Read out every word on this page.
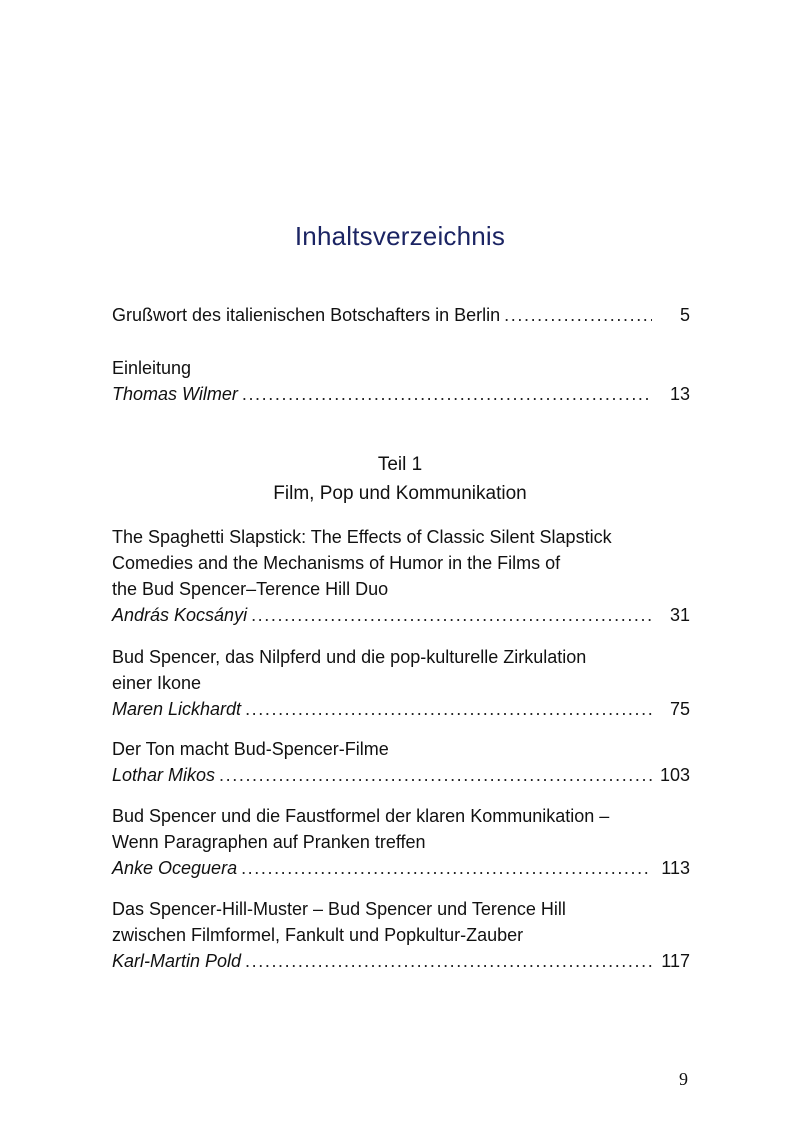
Inhaltsverzeichnis
Grußwort des italienischen Botschafters in Berlin .....	5
Einleitung
Thomas Wilmer .....	13
Teil 1
Film, Pop und Kommunikation
The Spaghetti Slapstick: The Effects of Classic Silent Slapstick
Comedies and the Mechanisms of Humor in the Films of
the Bud Spencer–Terence Hill Duo
András Kocsányi .....	31
Bud Spencer, das Nilpferd und die pop-kulturelle Zirkulation
einer Ikone
Maren Lickhardt .....	75
Der Ton macht Bud-Spencer-Filme
Lothar Mikos .....	103
Bud Spencer und die Faustformel der klaren Kommunikation –
Wenn Paragraphen auf Pranken treffen
Anke Oceguera .....	113
Das Spencer-Hill-Muster – Bud Spencer und Terence Hill
zwischen Filmformel, Fankult und Popkultur-Zauber
Karl-Martin Pold .....	117
9
